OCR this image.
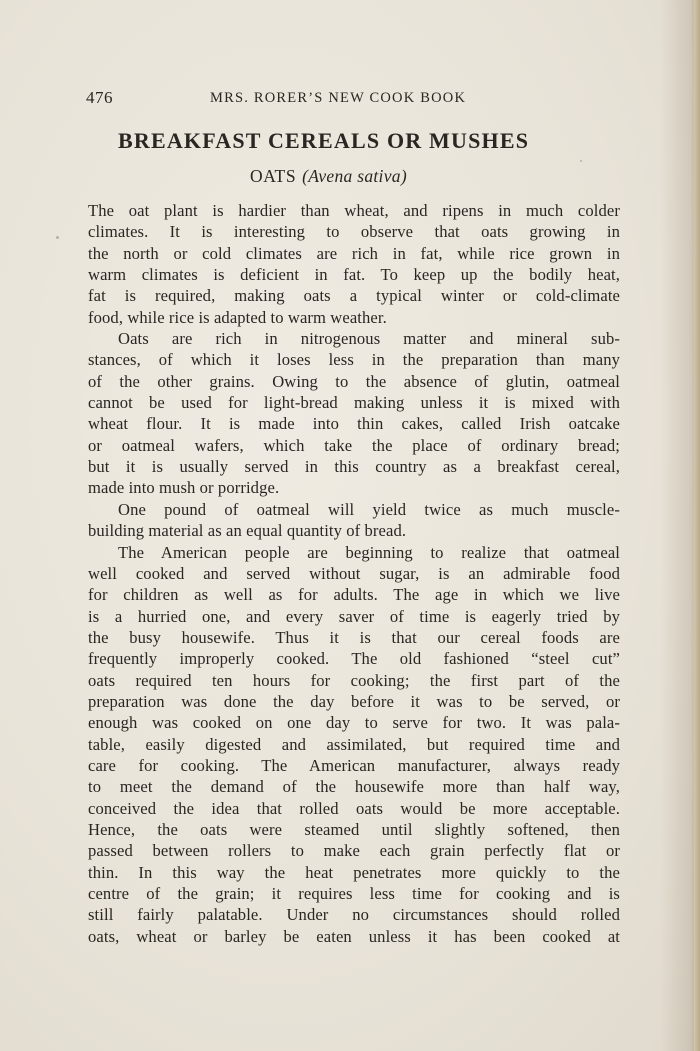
476	MRS. RORER’S NEW COOK BOOK
BREAKFAST CEREALS OR MUSHES
OATS (Avena sativa)
The oat plant is hardier than wheat, and ripens in much colder
climates. It is interesting to observe that oats growing in
the north or cold climates are rich in fat, while rice grown in
warm climates is deficient in fat. To keep up the bodily heat,
fat is required, making oats a typical winter or cold-climate
food, while rice is adapted to warm weather.
Oats are rich in nitrogenous matter and mineral sub-
stances, of which it loses less in the preparation than many
of the other grains. Owing to the absence of glutin, oatmeal
cannot be used for light-bread making unless it is mixed with
wheat flour. It is made into thin cakes, called Irish oatcake
or oatmeal wafers, which take the place of ordinary bread;
but it is usually served in this country as a breakfast cereal,
made into mush or porridge.
One pound of oatmeal will yield twice as much muscle-
building material as an equal quantity of bread.
The American people are beginning to realize that oatmeal
well cooked and served without sugar, is an admirable food
for children as well as for adults. The age in which we live
is a hurried one, and every saver of time is eagerly tried by
the busy housewife. Thus it is that our cereal foods are
frequently improperly cooked. The old fashioned “steel cut”
oats required ten hours for cooking; the first part of the
preparation was done the day before it was to be served, or
enough was cooked on one day to serve for two. It was pala-
table, easily digested and assimilated, but required time and
care for cooking. The American manufacturer, always ready
to meet the demand of the housewife more than half way,
conceived the idea that rolled oats would be more acceptable.
Hence, the oats were steamed until slightly softened, then
passed between rollers to make each grain perfectly flat or
thin. In this way the heat penetrates more quickly to the
centre of the grain; it requires less time for cooking and is
still fairly palatable. Under no circumstances should rolled
oats, wheat or barley be eaten unless it has been cooked at
